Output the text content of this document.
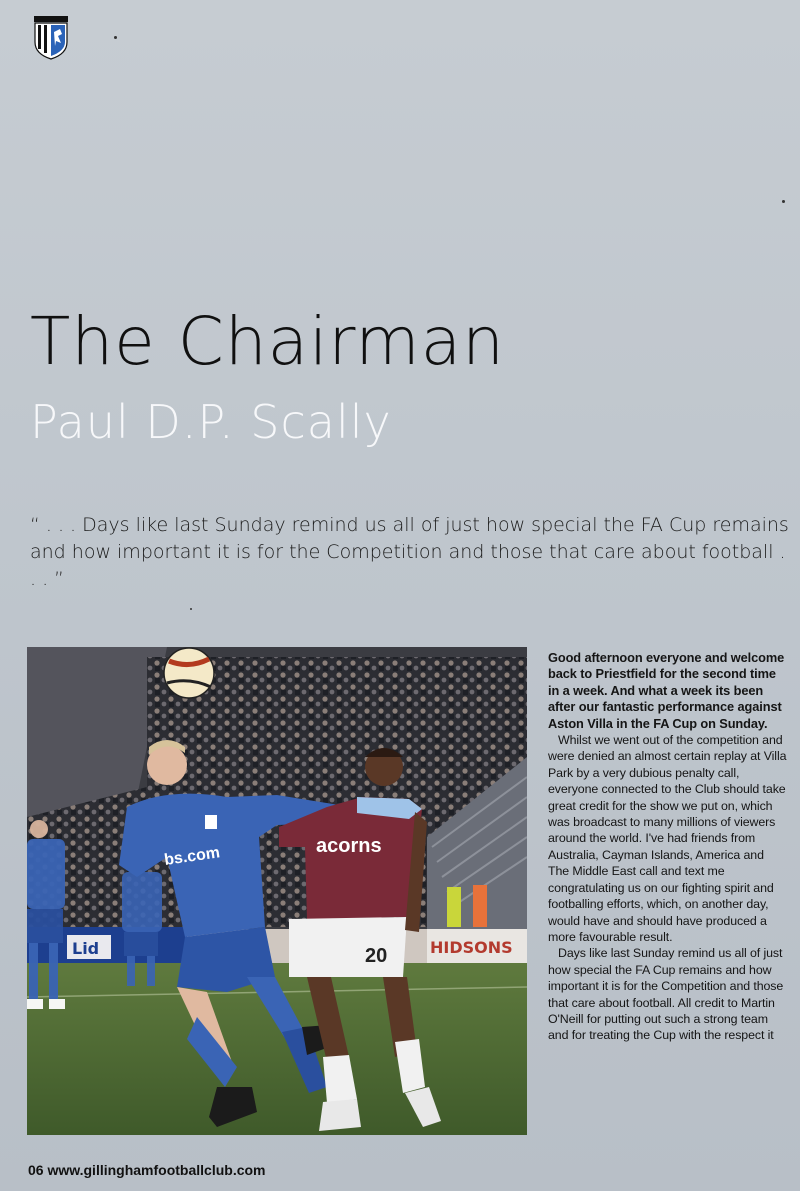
The Chairman
Paul D.P. Scally

“ . . . Days like last Sunday remind us all of just how special the FA Cup remains and how important it is for the Competition and those that care about football . . . ”

Lid	HIDSONS
bs.com	acorns
20

Good afternoon everyone and welcome back to Priestfield for the second time in a week. And what a week its been after our fantastic performance against Aston Villa in the FA Cup on Sunday.

Whilst we went out of the competition and were denied an almost certain replay at Villa Park by a very dubious penalty call, everyone connected to the Club should take great credit for the show we put on, which was broadcast to many millions of viewers around the world. I've had friends from Australia, Cayman Islands, America and The Middle East call and text me congratulating us on our fighting spirit and footballing efforts, which, on another day, would have and should have produced a more favourable result.

Days like last Sunday remind us all of just how special the FA Cup remains and how important it is for the Competition and those that care about football. All credit to Martin O'Neill for putting out such a strong team and for treating the Cup with the respect it

06 www.gillinghamfootballclub.com
